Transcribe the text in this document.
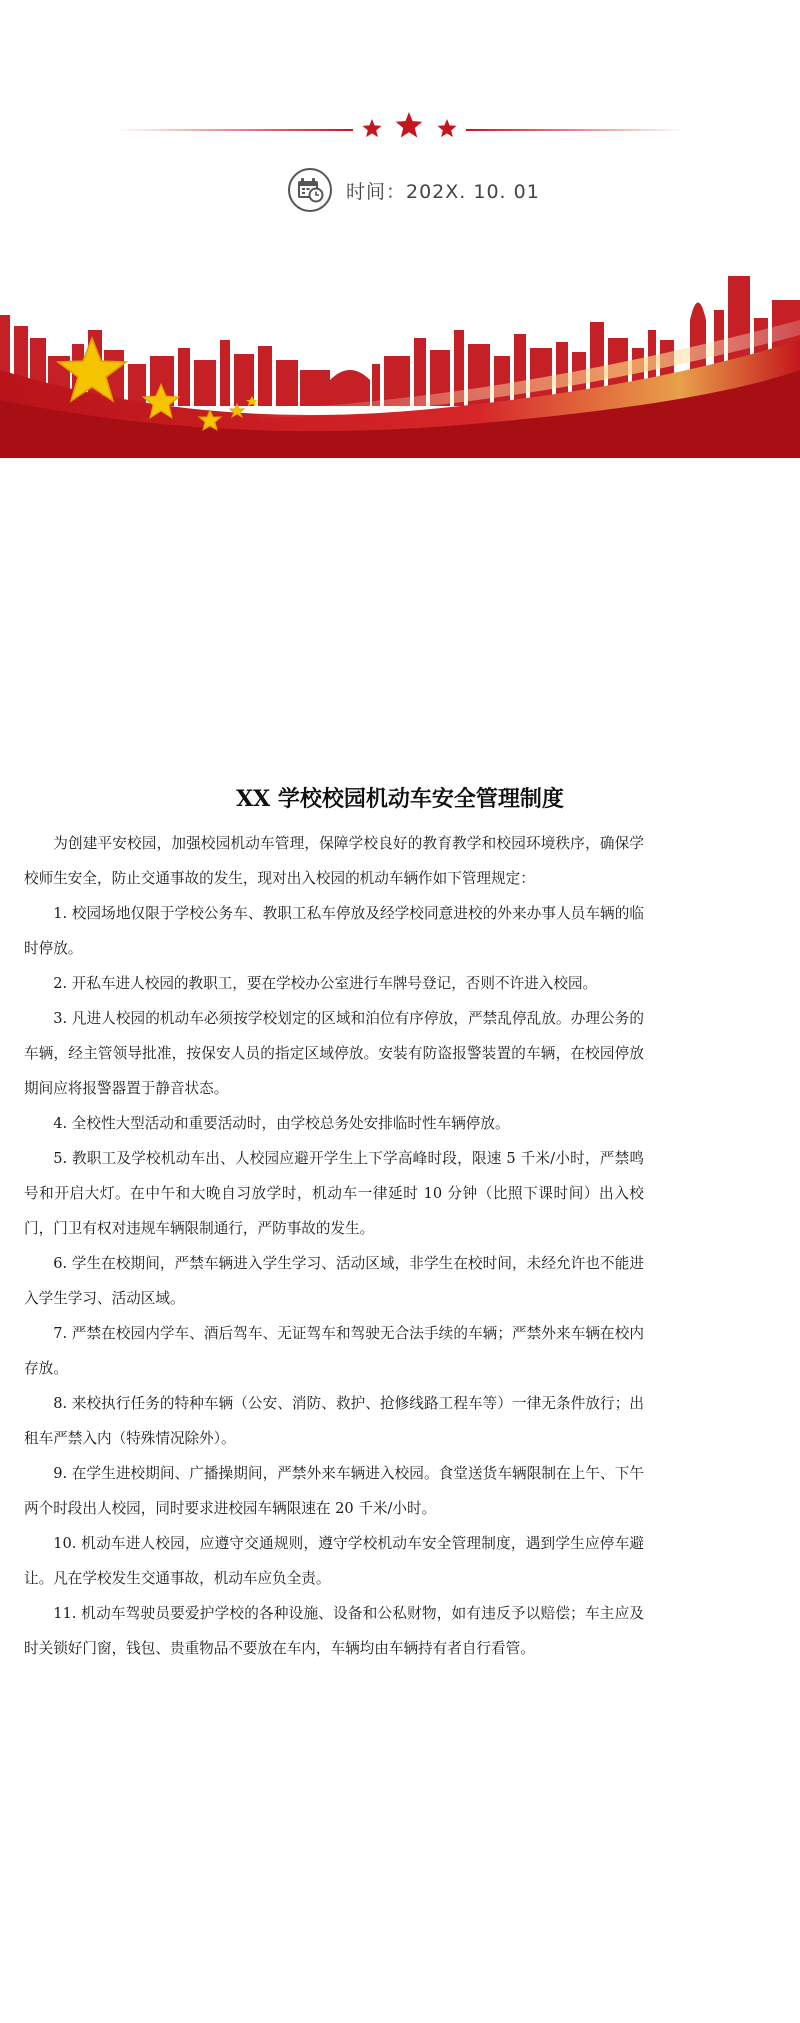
时间：202X. 10. 01
XX 学校校园机动车安全管理制度

为创建平安校园，加强校园机动车管理，保障学校良好的教育教学和校园环境秩序，确保学校师生安全，防止交通事故的发生，现对出入校园的机动车辆作如下管理规定：

1. 校园场地仅限于学校公务车、教职工私车停放及经学校同意进校的外来办事人员车辆的临时停放。

2. 开私车进人校园的教职工，要在学校办公室进行车牌号登记，否则不许进入校园。

3. 凡进人校园的机动车必须按学校划定的区域和泊位有序停放，严禁乱停乱放。办理公务的车辆，经主管领导批准，按保安人员的指定区域停放。安装有防盗报警装置的车辆，在校园停放期间应将报警器置于静音状态。

4. 全校性大型活动和重要活动时，由学校总务处安排临时性车辆停放。

5. 教职工及学校机动车出、人校园应避开学生上下学高峰时段，限速 5 千米/小时，严禁鸣号和开启大灯。在中午和大晚自习放学时，机动车一律延时 10 分钟（比照下课时间）出入校门，门卫有权对违规车辆限制通行，严防事故的发生。

6. 学生在校期间，严禁车辆进入学生学习、活动区域，非学生在校时间，未经允许也不能进入学生学习、活动区域。

7. 严禁在校园内学车、酒后驾车、无证驾车和驾驶无合法手续的车辆；严禁外来车辆在校内存放。

8. 来校执行任务的特种车辆（公安、消防、救护、抢修线路工程车等）一律无条件放行；出租车严禁入内（特殊情况除外）。

9. 在学生进校期间、广播操期间，严禁外来车辆进入校园。食堂送货车辆限制在上午、下午两个时段出人校园，同时要求进校园车辆限速在 20 千米/小时。

10. 机动车进人校园，应遵守交通规则，遵守学校机动车安全管理制度，遇到学生应停车避让。凡在学校发生交通事故，机动车应负全责。

11. 机动车驾驶员要爱护学校的各种设施、设备和公私财物，如有违反予以赔偿；车主应及时关锁好门窗，钱包、贵重物品不要放在车内，车辆均由车辆持有者自行看管。
